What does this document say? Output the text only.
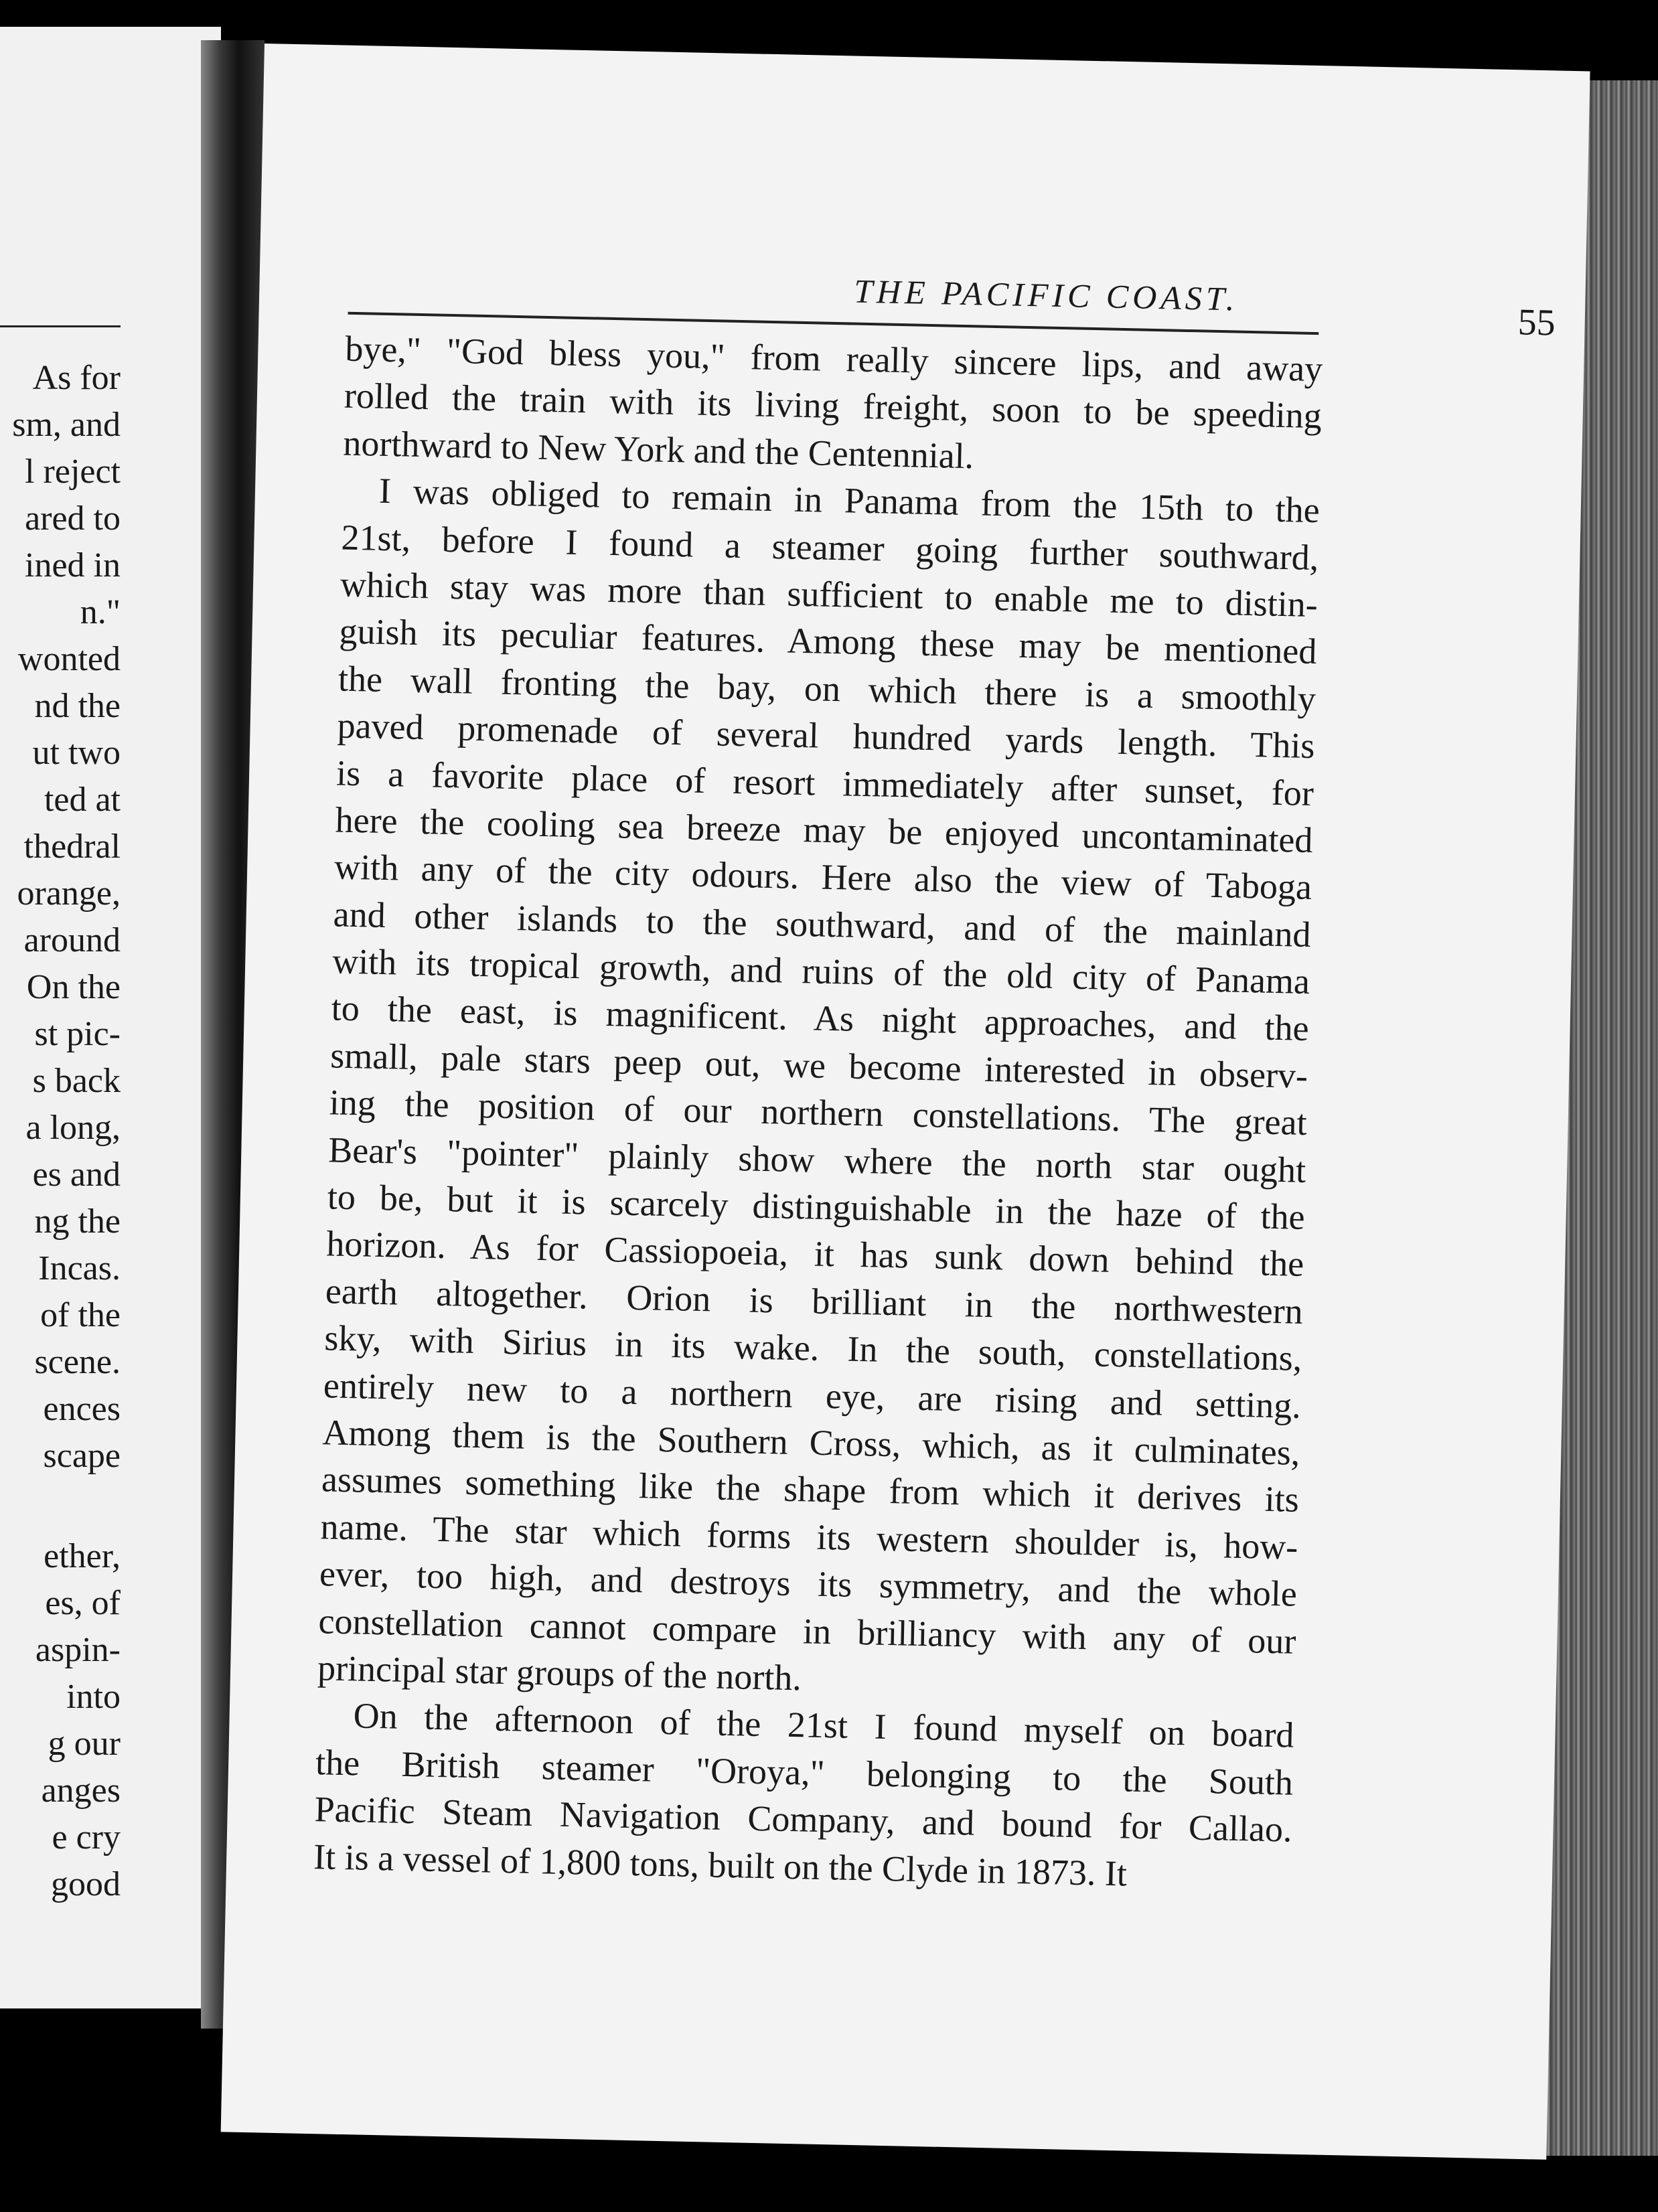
As for
sm, and
l reject
ared to
ined in
n."
wonted
nd the
ut two
ted at
thedral
orange,
around
On the
st pic-
s back
a long,
es and
ng the
Incas.
of the
scene.
ences
scape
ether,
es, of
aspin-
into
g our
anges
e cry
good
THE PACIFIC COAST.
55
bye," "God bless you," from really sincere lips, and away
rolled the train with its living freight, soon to be speeding
northward to New York and the Centennial.
I was obliged to remain in Panama from the 15th to the
21st, before I found a steamer going further southward,
which stay was more than sufficient to enable me to distin-
guish its peculiar features. Among these may be mentioned
the wall fronting the bay, on which there is a smoothly
paved promenade of several hundred yards length. This
is a favorite place of resort immediately after sunset, for
here the cooling sea breeze may be enjoyed uncontaminated
with any of the city odours. Here also the view of Taboga
and other islands to the southward, and of the mainland
with its tropical growth, and ruins of the old city of Panama
to the east, is magnificent. As night approaches, and the
small, pale stars peep out, we become interested in observ-
ing the position of our northern constellations. The great
Bear's "pointer" plainly show where the north star ought
to be, but it is scarcely distinguishable in the haze of the
horizon. As for Cassiopoeia, it has sunk down behind the
earth altogether. Orion is brilliant in the northwestern
sky, with Sirius in its wake. In the south, constellations,
entirely new to a northern eye, are rising and setting.
Among them is the Southern Cross, which, as it culminates,
assumes something like the shape from which it derives its
name. The star which forms its western shoulder is, how-
ever, too high, and destroys its symmetry, and the whole
constellation cannot compare in brilliancy with any of our
principal star groups of the north.
On the afternoon of the 21st I found myself on board
the British steamer "Oroya," belonging to the South
Pacific Steam Navigation Company, and bound for Callao.
It is a vessel of 1,800 tons, built on the Clyde in 1873. It
